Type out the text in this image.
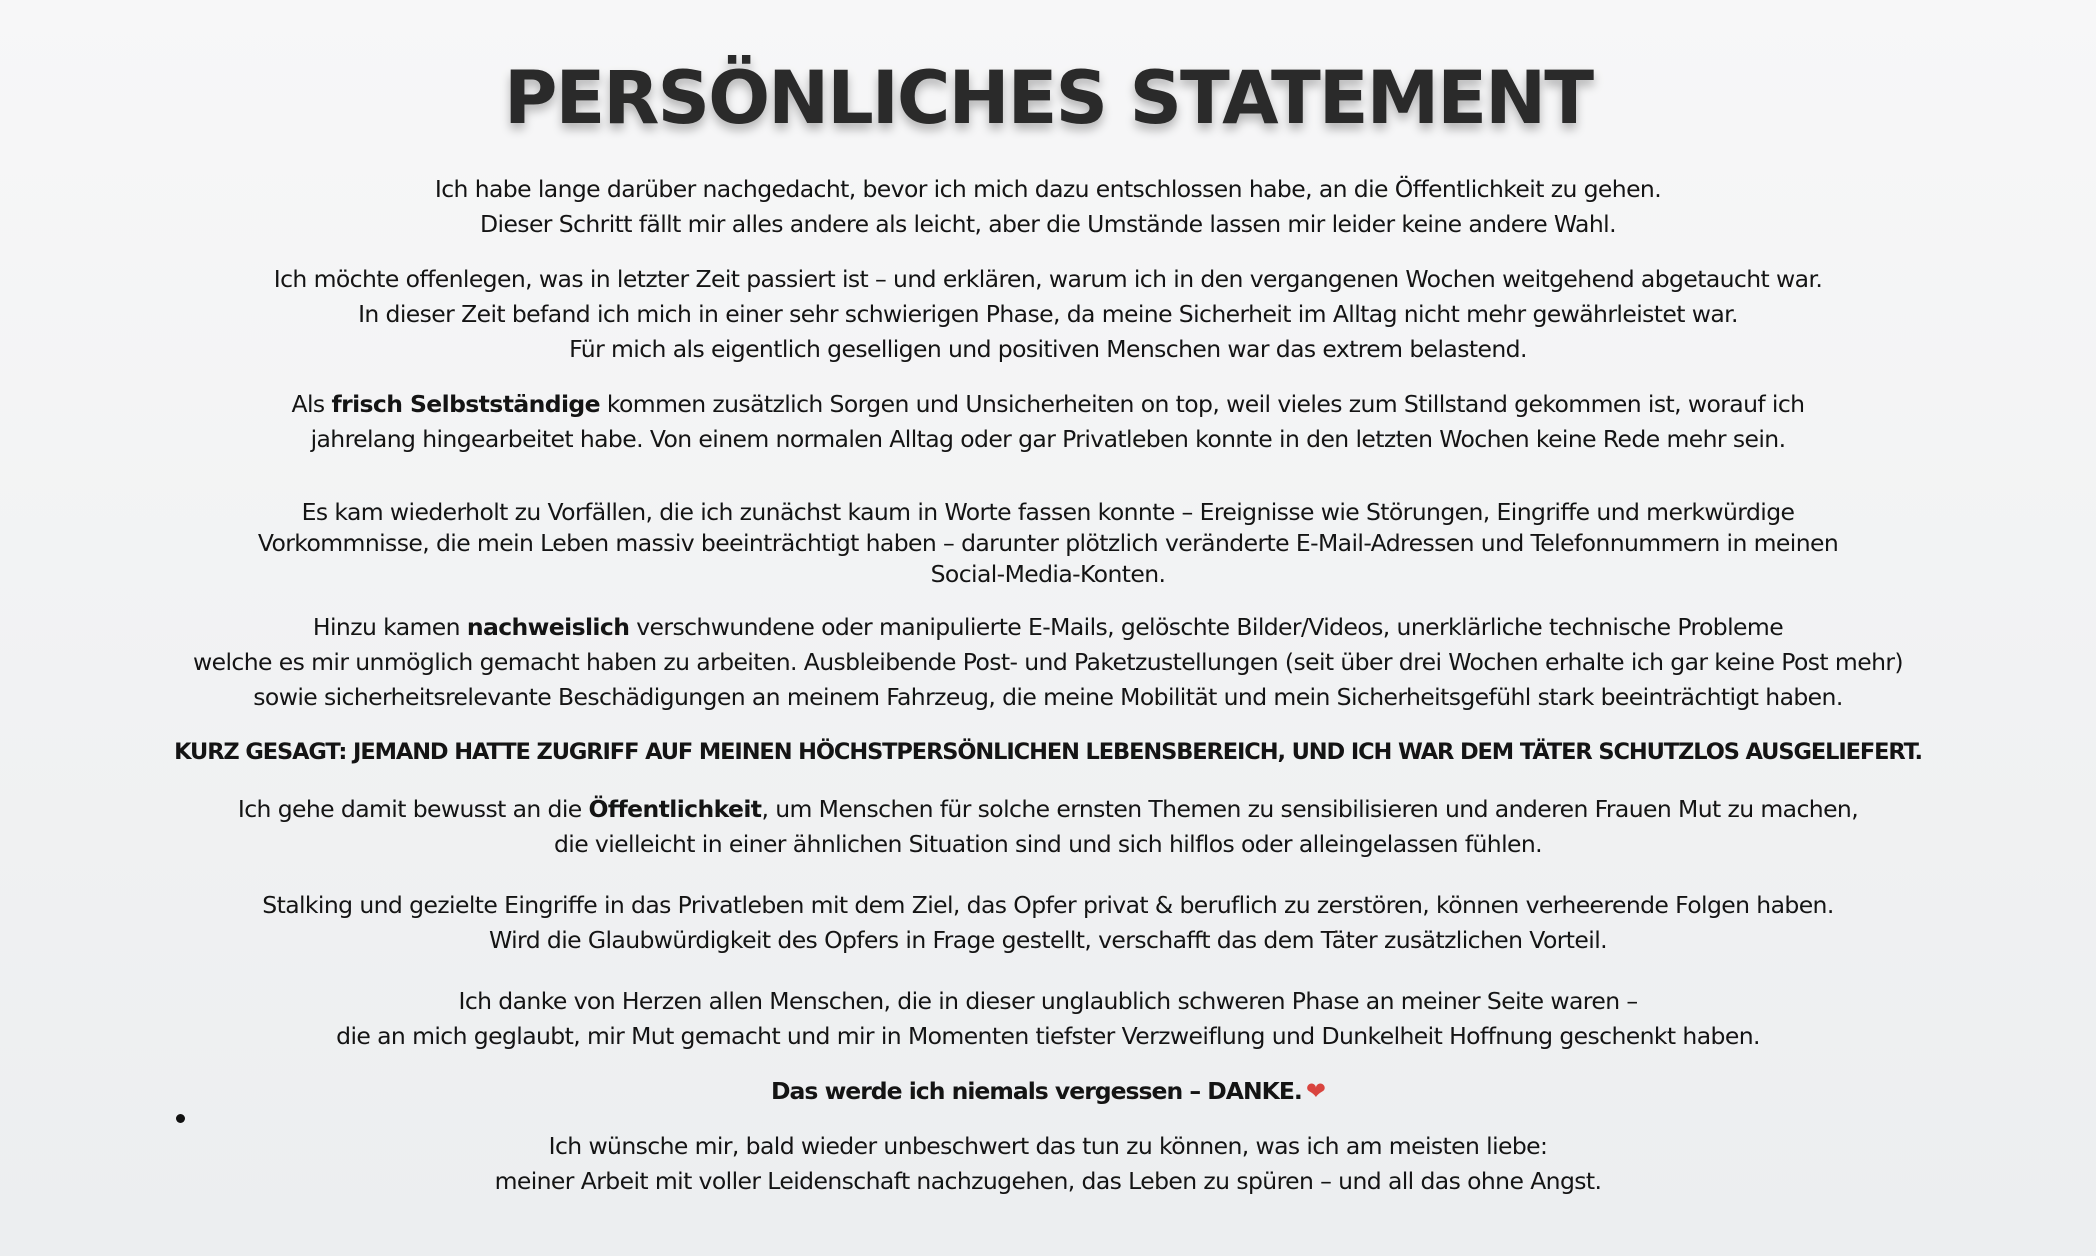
PERSÖNLICHES STATEMENT

Ich habe lange darüber nachgedacht, bevor ich mich dazu entschlossen habe, an die Öffentlichkeit zu gehen.
Dieser Schritt fällt mir alles andere als leicht, aber die Umstände lassen mir leider keine andere Wahl.

Ich möchte offenlegen, was in letzter Zeit passiert ist – und erklären, warum ich in den vergangenen Wochen weitgehend abgetaucht war.
In dieser Zeit befand ich mich in einer sehr schwierigen Phase, da meine Sicherheit im Alltag nicht mehr gewährleistet war.
Für mich als eigentlich geselligen und positiven Menschen war das extrem belastend.

Als frisch Selbstständige kommen zusätzlich Sorgen und Unsicherheiten on top, weil vieles zum Stillstand gekommen ist, worauf ich
jahrelang hingearbeitet habe. Von einem normalen Alltag oder gar Privatleben konnte in den letzten Wochen keine Rede mehr sein.

Es kam wiederholt zu Vorfällen, die ich zunächst kaum in Worte fassen konnte – Ereignisse wie Störungen, Eingriffe und merkwürdige
Vorkommnisse, die mein Leben massiv beeinträchtigt haben – darunter plötzlich veränderte E-Mail-Adressen und Telefonnummern in meinen
Social-Media-Konten.

Hinzu kamen nachweislich verschwundene oder manipulierte E-Mails, gelöschte Bilder/Videos, unerklärliche technische Probleme
welche es mir unmöglich gemacht haben zu arbeiten. Ausbleibende Post- und Paketzustellungen (seit über drei Wochen erhalte ich gar keine Post mehr)
sowie sicherheitsrelevante Beschädigungen an meinem Fahrzeug, die meine Mobilität und mein Sicherheitsgefühl stark beeinträchtigt haben.

KURZ GESAGT: JEMAND HATTE ZUGRIFF AUF MEINEN HÖCHSTPERSÖNLICHEN LEBENSBEREICH, UND ICH WAR DEM TÄTER SCHUTZLOS AUSGELIEFERT.

Ich gehe damit bewusst an die Öffentlichkeit, um Menschen für solche ernsten Themen zu sensibilisieren und anderen Frauen Mut zu machen,
die vielleicht in einer ähnlichen Situation sind und sich hilflos oder alleingelassen fühlen.

Stalking und gezielte Eingriffe in das Privatleben mit dem Ziel, das Opfer privat & beruflich zu zerstören, können verheerende Folgen haben.
Wird die Glaubwürdigkeit des Opfers in Frage gestellt, verschafft das dem Täter zusätzlichen Vorteil.

Ich danke von Herzen allen Menschen, die in dieser unglaublich schweren Phase an meiner Seite waren –
die an mich geglaubt, mir Mut gemacht und mir in Momenten tiefster Verzweiflung und Dunkelheit Hoffnung geschenkt haben.

Das werde ich niemals vergessen – DANKE. ❤

Ich wünsche mir, bald wieder unbeschwert das tun zu können, was ich am meisten liebe:
meiner Arbeit mit voller Leidenschaft nachzugehen, das Leben zu spüren – und all das ohne Angst.
